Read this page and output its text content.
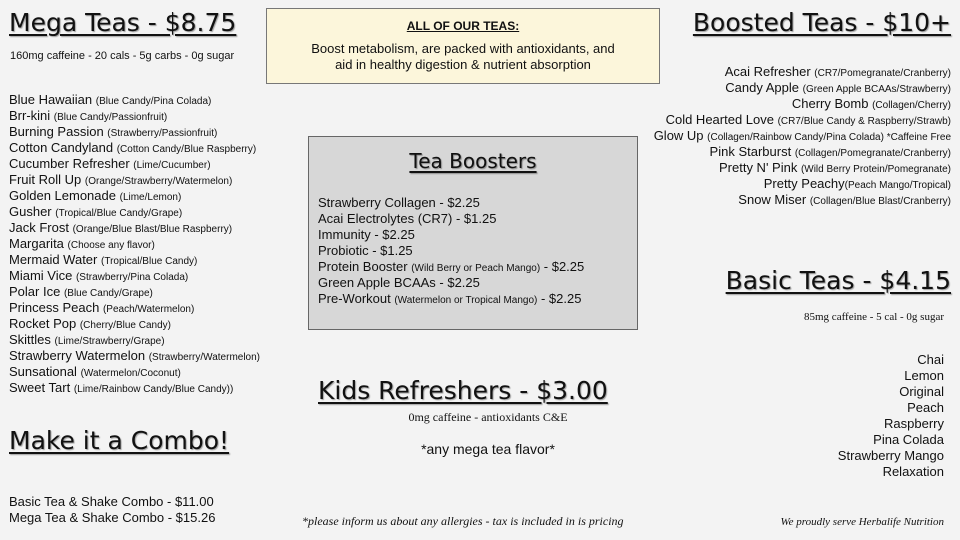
Mega Teas - $8.75
160mg caffeine - 20 cals - 5g carbs - 0g sugar
Blue Hawaiian (Blue Candy/Pina Colada)
Brr-kini (Blue Candy/Passionfruit)
Burning Passion (Strawberry/Passionfruit)
Cotton Candyland (Cotton Candy/Blue Raspberry)
Cucumber Refresher (Lime/Cucumber)
Fruit Roll Up (Orange/Strawberry/Watermelon)
Golden Lemonade (Lime/Lemon)
Gusher (Tropical/Blue Candy/Grape)
Jack Frost (Orange/Blue Blast/Blue Raspberry)
Margarita (Choose any flavor)
Mermaid Water (Tropical/Blue Candy)
Miami Vice (Strawberry/Pina Colada)
Polar Ice (Blue Candy/Grape)
Princess Peach (Peach/Watermelon)
Rocket Pop (Cherry/Blue Candy)
Skittles (Lime/Strawberry/Grape)
Strawberry Watermelon (Strawberry/Watermelon)
Sunsational (Watermelon/Coconut)
Sweet Tart (Lime/Rainbow Candy/Blue Candy))
ALL OF OUR TEAS:
Boost metabolism, are packed with antioxidants, and
aid in healthy digestion & nutrient absorption
Boosted Teas - $10+
Acai Refresher (CR7/Pomegranate/Cranberry)
Candy Apple (Green Apple BCAAs/Strawberry)
Cherry Bomb (Collagen/Cherry)
Cold Hearted Love (CR7/Blue Candy & Raspberry/Strawb)
Glow Up (Collagen/Rainbow Candy/Pina Colada) *Caffeine Free
Pink Starburst (Collagen/Pomegranate/Cranberry)
Pretty N' Pink (Wild Berry Protein/Pomegranate)
Pretty Peachy(Peach Mango/Tropical)
Snow Miser (Collagen/Blue Blast/Cranberry)
Tea Boosters
Strawberry Collagen - $2.25
Acai Electrolytes (CR7) - $1.25
Immunity - $2.25
Probiotic - $1.25
Protein Booster (Wild Berry or Peach Mango) - $2.25
Green Apple BCAAs - $2.25
Pre-Workout (Watermelon or Tropical Mango) - $2.25
Basic Teas - $4.15
85mg caffeine - 5 cal - 0g sugar
Chai
Lemon
Original
Peach
Raspberry
Pina Colada
Strawberry Mango
Relaxation
Kids Refreshers - $3.00
0mg caffeine - antioxidants C&E
*any mega tea flavor*
Make it a Combo!
Basic Tea & Shake Combo - $11.00
Mega Tea & Shake Combo - $15.26	*please inform us about any allergies - tax is included in is pricing	We proudly serve Herbalife Nutrition
